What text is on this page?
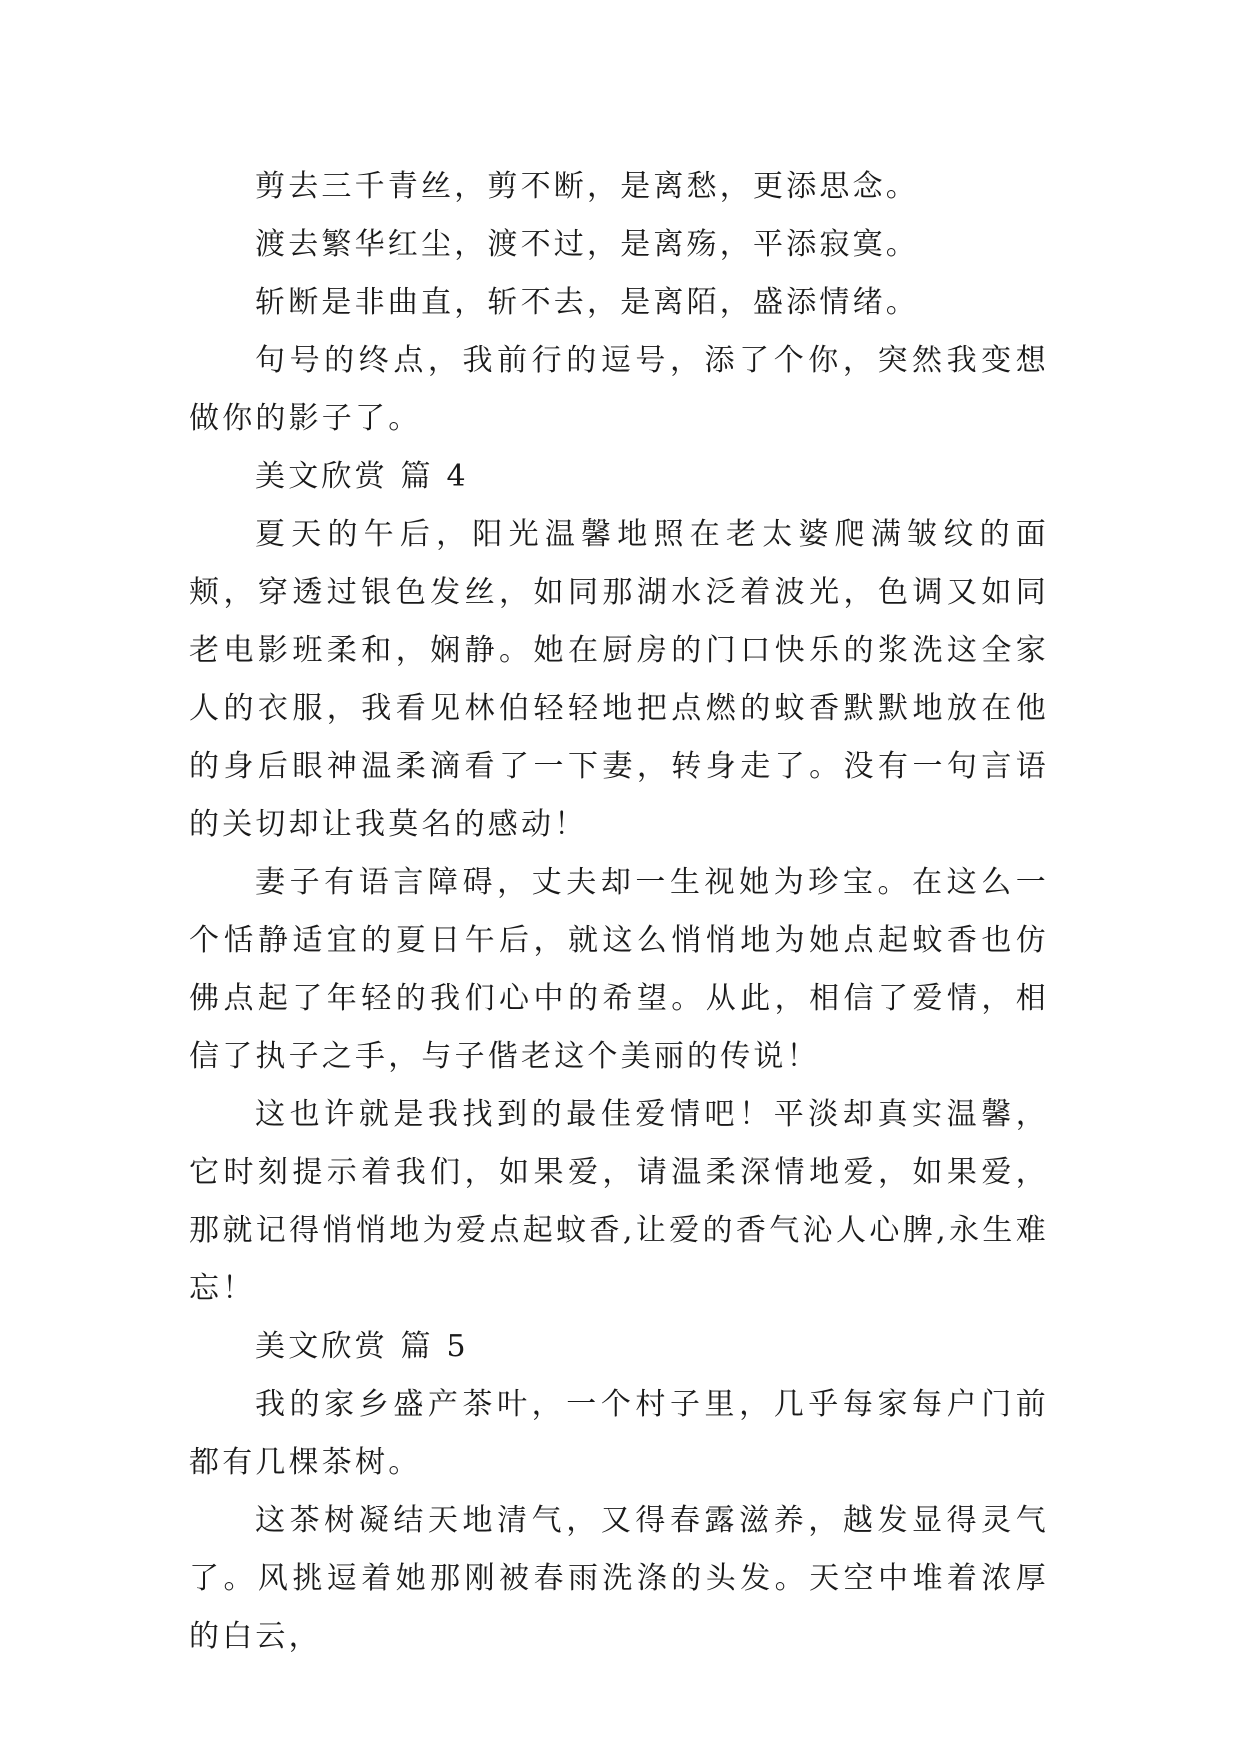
剪去三千青丝，剪不断，是离愁，更添思念。

渡去繁华红尘，渡不过，是离殇，平添寂寞。

斩断是非曲直，斩不去，是离陌，盛添情绪。

句号的终点，我前行的逗号，添了个你，突然我变想做你的影子了。

美文欣赏 篇 4

夏天的午后，阳光温馨地照在老太婆爬满皱纹的面颊，穿透过银色发丝，如同那湖水泛着波光，色调又如同老电影班柔和，娴静。她在厨房的门口快乐的浆洗这全家人的衣服，我看见林伯轻轻地把点燃的蚊香默默地放在他的身后眼神温柔滴看了一下妻，转身走了。没有一句言语的关切却让我莫名的感动！

妻子有语言障碍，丈夫却一生视她为珍宝。在这么一个恬静适宜的夏日午后，就这么悄悄地为她点起蚊香也仿佛点起了年轻的我们心中的希望。从此，相信了爱情，相信了执子之手，与子偕老这个美丽的传说！

这也许就是我找到的最佳爱情吧！平淡却真实温馨，它时刻提示着我们，如果爱，请温柔深情地爱，如果爱，那就记得悄悄地为爱点起蚊香,让爱的香气沁人心脾,永生难忘！

美文欣赏 篇 5

我的家乡盛产茶叶，一个村子里，几乎每家每户门前都有几棵茶树。

这茶树凝结天地清气，又得春露滋养，越发显得灵气了。风挑逗着她那刚被春雨洗涤的头发。天空中堆着浓厚的白云，
